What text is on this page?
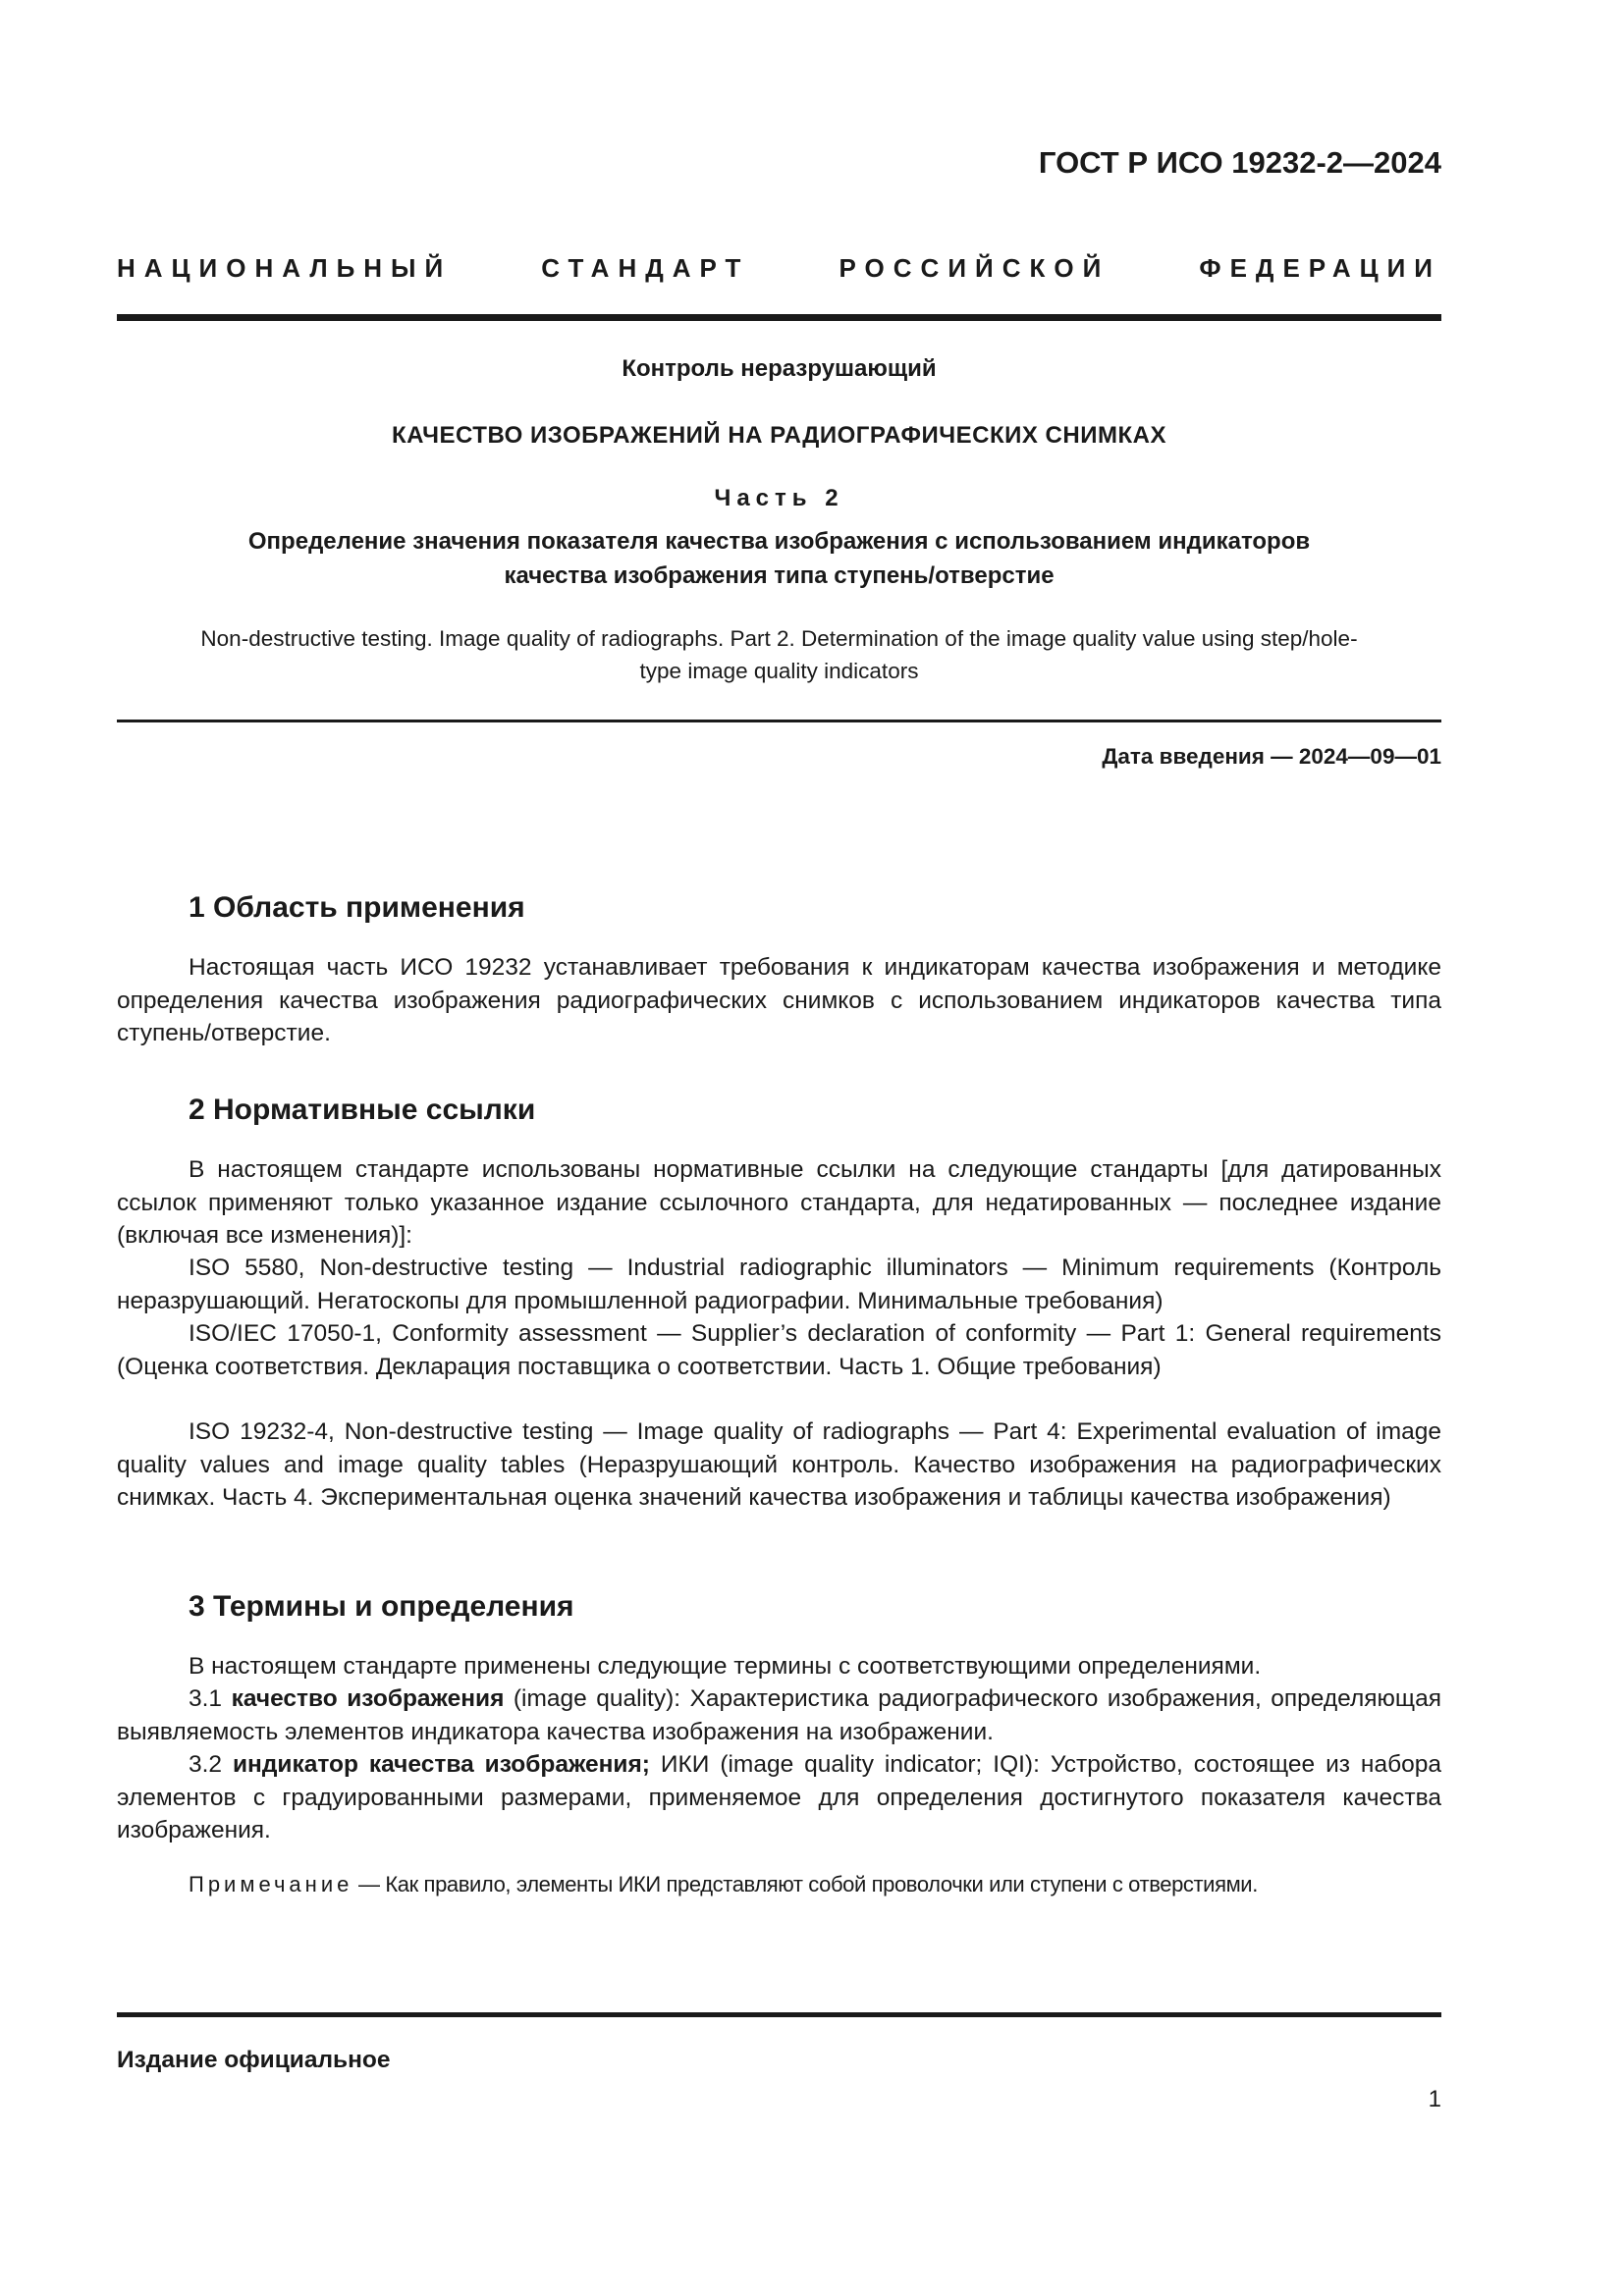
ГОСТ Р ИСО 19232-2—2024
НАЦИОНАЛЬНЫЙ СТАНДАРТ РОССИЙСКОЙ ФЕДЕРАЦИИ
Контроль неразрушающий
КАЧЕСТВО ИЗОБРАЖЕНИЙ НА РАДИОГРАФИЧЕСКИХ СНИМКАХ
Часть 2
Определение значения показателя качества изображения с использованием индикаторов
качества изображения типа ступень/отверстие
Non-destructive testing. Image quality of radiographs. Part 2. Determination of the image quality value using step/hole-
type image quality indicators
Дата введения — 2024—09—01
1 Область применения

Настоящая часть ИСО 19232 устанавливает требования к индикаторам качества изображения и методике определения качества изображения радиографических снимков с использованием индикаторов качества типа ступень/отверстие.

2 Нормативные ссылки

В настоящем стандарте использованы нормативные ссылки на следующие стандарты [для датированных ссылок применяют только указанное издание ссылочного стандарта, для недатированных — последнее издание (включая все изменения)]:

ISO 5580, Non-destructive testing — Industrial radiographic illuminators — Minimum requirements (Контроль неразрушающий. Негатоскопы для промышленной радиографии. Минимальные требования)

ISO/IEC 17050-1, Conformity assessment — Supplier’s declaration of conformity — Part 1: General requirements (Оценка соответствия. Декларация поставщика о соответствии. Часть 1. Общие требования)

ISO 19232-4, Non-destructive testing — Image quality of radiographs — Part 4: Experimental evaluation of image quality values and image quality tables (Неразрушающий контроль. Качество изображения на радиографических снимках. Часть 4. Экспериментальная оценка значений качества изображения и таблицы качества изображения)

3 Термины и определения

В настоящем стандарте применены следующие термины с соответствующими определениями.

3.1 качество изображения (image quality): Характеристика радиографического изображения, определяющая выявляемость элементов индикатора качества изображения на изображении.

3.2 индикатор качества изображения; ИКИ (image quality indicator; IQI): Устройство, состоящее из набора элементов с градуированными размерами, применяемое для определения достигнутого показателя качества изображения.

Примечание — Как правило, элементы ИКИ представляют собой проволочки или ступени с отверстиями.
Издание официальное
1
